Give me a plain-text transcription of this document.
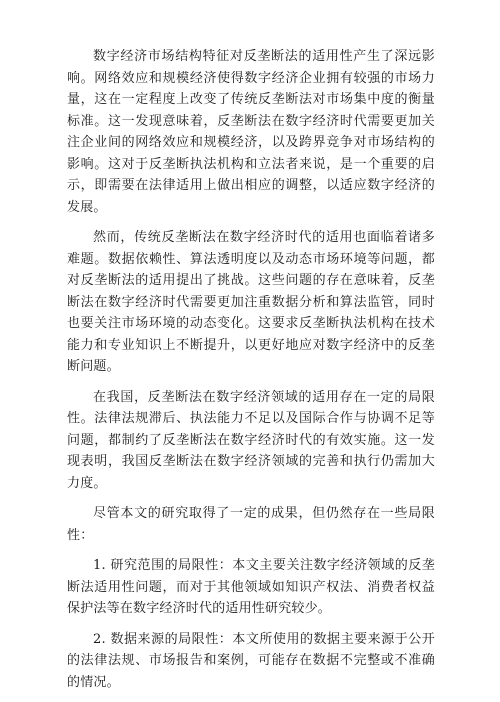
数字经济市场结构特征对反垄断法的适用性产生了深远影响。网络效应和规模经济使得数字经济企业拥有较强的市场力量，这在一定程度上改变了传统反垄断法对市场集中度的衡量标准。这一发现意味着，反垄断法在数字经济时代需要更加关注企业间的网络效应和规模经济，以及跨界竞争对市场结构的影响。这对于反垄断执法机构和立法者来说，是一个重要的启示，即需要在法律适用上做出相应的调整，以适应数字经济的发展。

然而，传统反垄断法在数字经济时代的适用也面临着诸多难题。数据依赖性、算法透明度以及动态市场环境等问题，都对反垄断法的适用提出了挑战。这些问题的存在意味着，反垄断法在数字经济时代需要更加注重数据分析和算法监管，同时也要关注市场环境的动态变化。这要求反垄断执法机构在技术能力和专业知识上不断提升，以更好地应对数字经济中的反垄断问题。

在我国，反垄断法在数字经济领域的适用存在一定的局限性。法律法规滞后、执法能力不足以及国际合作与协调不足等问题，都制约了反垄断法在数字经济时代的有效实施。这一发现表明，我国反垄断法在数字经济领域的完善和执行仍需加大力度。

尽管本文的研究取得了一定的成果，但仍然存在一些局限性：

1. 研究范围的局限性：本文主要关注数字经济领域的反垄断法适用性问题，而对于其他领域如知识产权法、消费者权益保护法等在数字经济时代的适用性研究较少。

2. 数据来源的局限性：本文所使用的数据主要来源于公开的法律法规、市场报告和案例，可能存在数据不完整或不准确的情况。
